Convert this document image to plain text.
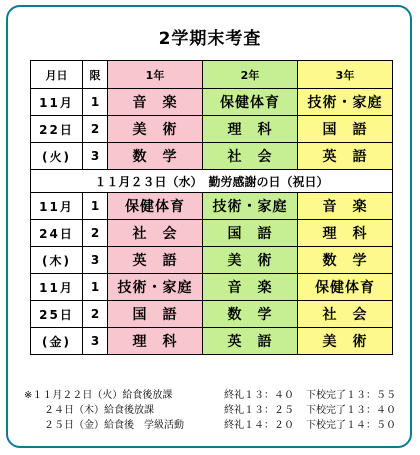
2学期末考査
月日	限	1年	2年	3年
11月	1	音　楽	保健体育	技術・家庭
22日	2	美　術	理　科	国　語
(火)	3	数　学	社　会	英　語
１１月２３日（水）　勤労感謝の日（祝日）				
11月	1	保健体育	技術・家庭	音　楽
24日	2	社　会	国　語	理　科
(木)	3	英　語	美　術	数　学
11月	1	技術・家庭	音　楽	保健体育
25日	2	国　語	数　学	社　会
(金)	3	理　科	英　語	美　術
※１１月２２日（火）給食後放課	終礼１３：４０	下校完了１３：５５
　　２４日（木）給食後放課	終礼１３：２５	下校完了１３：４０
　　２５日（金）給食後　学級活動	終礼１４：２０	下校完了１４：５０
